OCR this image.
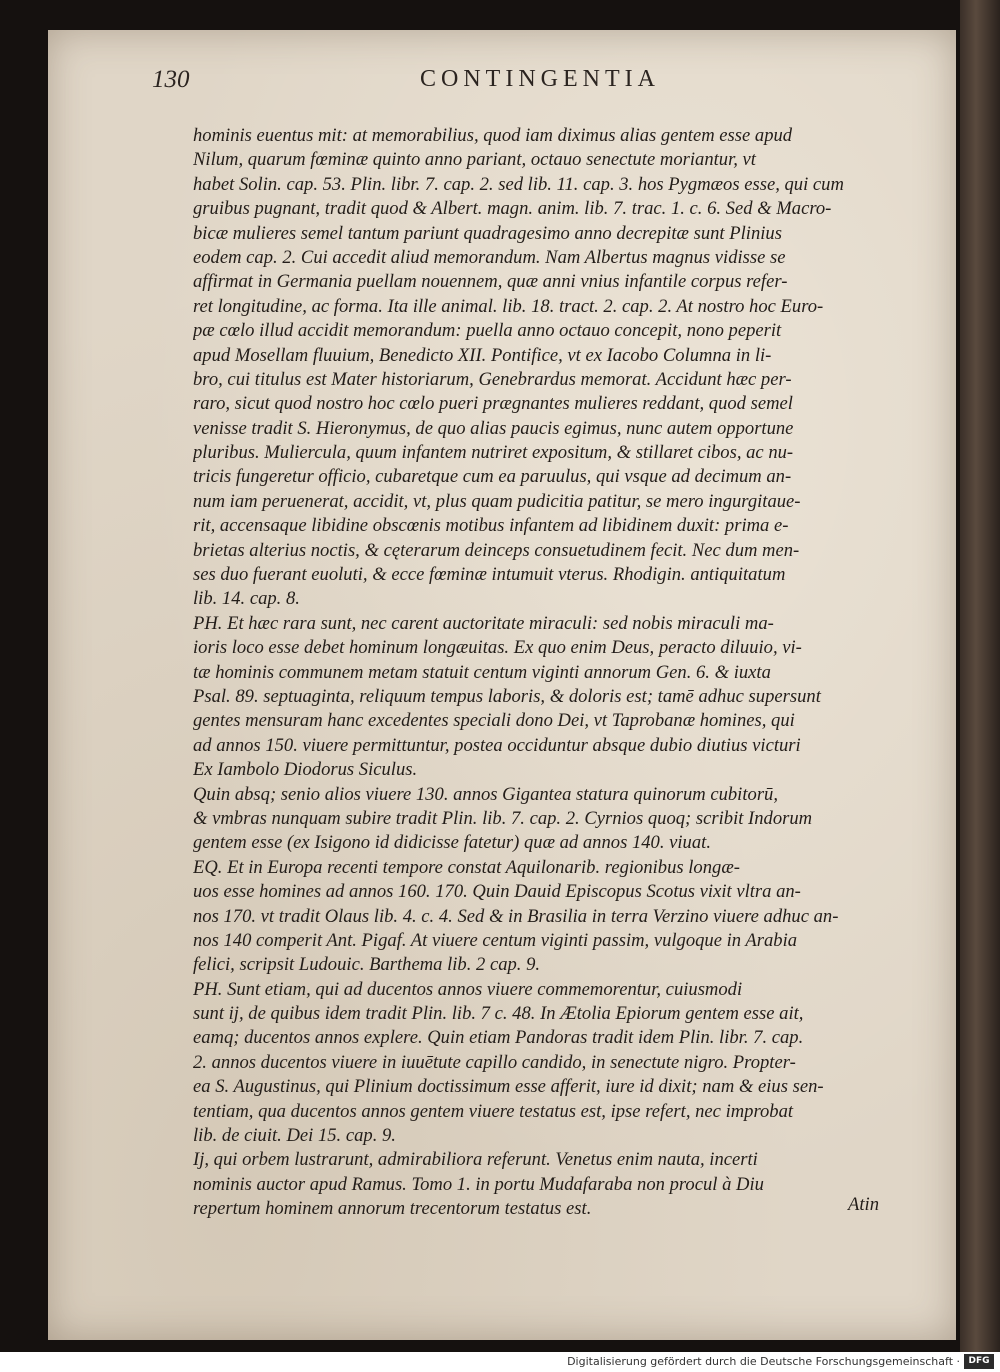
130	CONTINGENTIA
hominis euentus mit: at memorabilius, quod iam diximus alias gentem esse apud
Nilum, quarum fœminæ quinto anno pariant, octauo senectute moriantur, vt
habet Solin. cap. 53. Plin. libr. 7. cap. 2. sed lib. 11. cap. 3. hos Pygmæos esse, qui cum
gruibus pugnant, tradit quod & Albert. magn. anim. lib. 7. trac. 1. c. 6. Sed & Macro-
bicæ mulieres semel tantum pariunt quadragesimo anno decrepitæ sunt Plinius
eodem cap. 2. Cui accedit aliud memorandum. Nam Albertus magnus vidisse se
affirmat in Germania puellam nouennem, quæ anni vnius infantile corpus refer-
ret longitudine, ac forma. Ita ille animal. lib. 18. tract. 2. cap. 2. At nostro hoc Euro-
pæ cœlo illud accidit memorandum: puella anno octauo concepit, nono peperit
apud Mosellam fluuium, Benedicto XII. Pontifice, vt ex Iacobo Columna in li-
bro, cui titulus est Mater historiarum, Genebrardus memorat. Accidunt hæc per-
raro, sicut quod nostro hoc cœlo pueri prægnantes mulieres reddant, quod semel
venisse tradit S. Hieronymus, de quo alias paucis egimus, nunc autem opportune
pluribus. Muliercula, quum infantem nutriret expositum, & stillaret cibos, ac nu-
tricis fungeretur officio, cubaretque cum ea paruulus, qui vsque ad decimum an-
num iam peruenerat, accidit, vt, plus quam pudicitia patitur, se mero ingurgitaue-
rit, accensaque libidine obscœnis motibus infantem ad libidinem duxit: prima e-
brietas alterius noctis, & cęterarum deinceps consuetudinem fecit. Nec dum men-
ses duo fuerant euoluti, & ecce fœminæ intumuit vterus. Rhodigin. antiquitatum
lib. 14. cap. 8.
PH. Et hæc rara sunt, nec carent auctoritate miraculi: sed nobis miraculi ma-
ioris loco esse debet hominum longæuitas. Ex quo enim Deus, peracto diluuio, vi-
tæ hominis communem metam statuit centum viginti annorum Gen. 6. & iuxta
Psal. 89. septuaginta, reliquum tempus laboris, & doloris est; tamē adhuc supersunt
gentes mensuram hanc excedentes speciali dono Dei, vt Taprobanæ homines, qui
ad annos 150. viuere permittuntur, postea occiduntur absque dubio diutius victuri
Ex Iambolo Diodorus Siculus.
Quin absq; senio alios viuere 130. annos Gigantea statura quinorum cubitorū,
& vmbras nunquam subire tradit Plin. lib. 7. cap. 2. Cyrnios quoq; scribit Indorum
gentem esse (ex Isigono id didicisse fatetur) quæ ad annos 140. viuat.
EQ. Et in Europa recenti tempore constat Aquilonarib. regionibus longæ-
uos esse homines ad annos 160. 170. Quin Dauid Episcopus Scotus vixit vltra an-
nos 170. vt tradit Olaus lib. 4. c. 4. Sed & in Brasilia in terra Verzino viuere adhuc an-
nos 140 comperit Ant. Pigaf. At viuere centum viginti passim, vulgoque in Arabia
felici, scripsit Ludouic. Barthema lib. 2 cap. 9.
PH. Sunt etiam, qui ad ducentos annos viuere commemorentur, cuiusmodi
sunt ij, de quibus idem tradit Plin. lib. 7 c. 48. In Ætolia Epiorum gentem esse ait,
eamq; ducentos annos explere. Quin etiam Pandoras tradit idem Plin. libr. 7. cap.
2. annos ducentos viuere in iuuētute capillo candido, in senectute nigro. Propter-
ea S. Augustinus, qui Plinium doctissimum esse afferit, iure id dixit; nam & eius sen-
tentiam, qua ducentos annos gentem viuere testatus est, ipse refert, nec improbat
lib. de ciuit. Dei 15. cap. 9.
Ij, qui orbem lustrarunt, admirabiliora referunt. Venetus enim nauta, incerti
nominis auctor apud Ramus. Tomo 1. in portu Mudafaraba non procul à Diu
repertum hominem annorum trecentorum testatus est.	Atin
Digitalisierung gefördert durch die Deutsche Forschungsgemeinschaft · DFG
